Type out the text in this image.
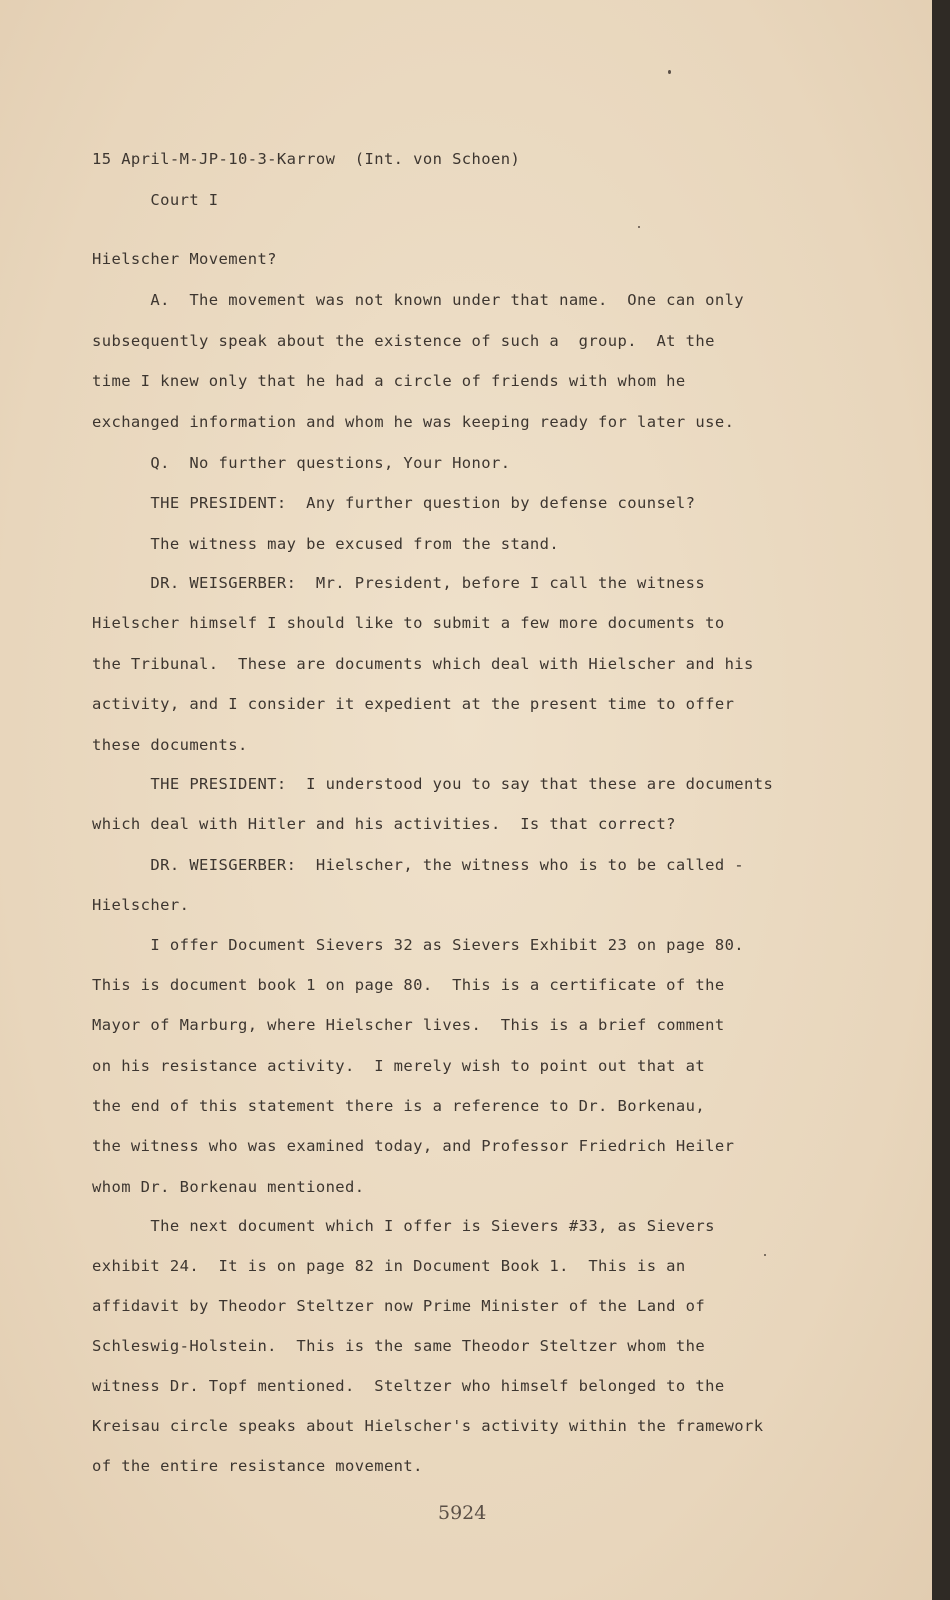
15 April-M-JP-10-3-Karrow  (Int. von Schoen)
Court I
Hielscher Movement?
A.  The movement was not known under that name.  One can only
subsequently speak about the existence of such a  group.  At the
time I knew only that he had a circle of friends with whom he
exchanged information and whom he was keeping ready for later use.
Q.  No further questions, Your Honor.
THE PRESIDENT:  Any further question by defense counsel?
The witness may be excused from the stand.
DR. WEISGERBER:  Mr. President, before I call the witness
Hielscher himself I should like to submit a few more documents to
the Tribunal.  These are documents which deal with Hielscher and his
activity, and I consider it expedient at the present time to offer
these documents.
THE PRESIDENT:  I understood you to say that these are documents
which deal with Hitler and his activities.  Is that correct?
DR. WEISGERBER:  Hielscher, the witness who is to be called -
Hielscher.
I offer Document Sievers 32 as Sievers Exhibit 23 on page 80.
This is document book 1 on page 80.  This is a certificate of the
Mayor of Marburg, where Hielscher lives.  This is a brief comment
on his resistance activity.  I merely wish to point out that at
the end of this statement there is a reference to Dr. Borkenau,
the witness who was examined today, and Professor Friedrich Heiler
whom Dr. Borkenau mentioned.
The next document which I offer is Sievers #33, as Sievers
exhibit 24.  It is on page 82 in Document Book 1.  This is an
affidavit by Theodor Steltzer now Prime Minister of the Land of
Schleswig-Holstein.  This is the same Theodor Steltzer whom the
witness Dr. Topf mentioned.  Steltzer who himself belonged to the
Kreisau circle speaks about Hielscher's activity within the framework
of the entire resistance movement.
5924
